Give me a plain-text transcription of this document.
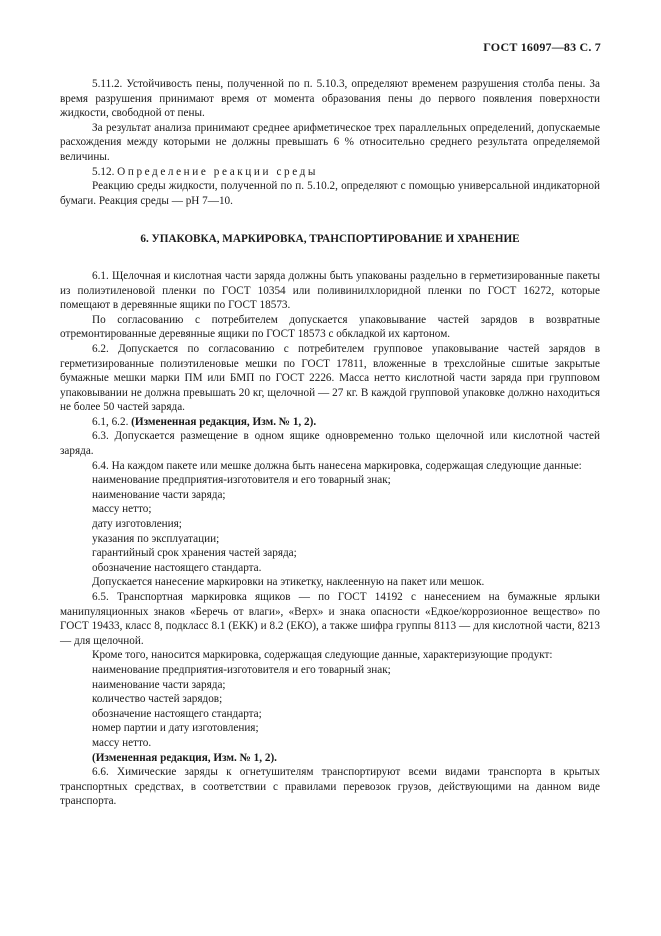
ГОСТ 16097—83 С. 7

5.11.2. Устойчивость пены, полученной по п. 5.10.3, определяют временем разрушения столба пены. За время разрушения принимают время от момента образования пены до первого появления поверхности жидкости, свободной от пены.

За результат анализа принимают среднее арифметическое трех параллельных определений, допускаемые расхождения между которыми не должны превышать 6 % относительно среднего результата определяемой величины.

5.12. Определение реакции среды

Реакцию среды жидкости, полученной по п. 5.10.2, определяют с помощью универсальной индикаторной бумаги. Реакция среды — рН 7—10.

6. УПАКОВКА, МАРКИРОВКА, ТРАНСПОРТИРОВАНИЕ И ХРАНЕНИЕ

6.1. Щелочная и кислотная части заряда должны быть упакованы раздельно в герметизированные пакеты из полиэтиленовой пленки по ГОСТ 10354 или поливинилхлоридной пленки по ГОСТ 16272, которые помещают в деревянные ящики по ГОСТ 18573.

По согласованию с потребителем допускается упаковывание частей зарядов в возвратные отремонтированные деревянные ящики по ГОСТ 18573 с обкладкой их картоном.

6.2. Допускается по согласованию с потребителем групповое упаковывание частей зарядов в герметизированные полиэтиленовые мешки по ГОСТ 17811, вложенные в трехслойные сшитые закрытые бумажные мешки марки ПМ или БМП по ГОСТ 2226. Масса нетто кислотной части заряда при групповом упаковывании не должна превышать 20 кг, щелочной — 27 кг. В каждой групповой упаковке должно находиться не более 50 частей заряда.

6.1, 6.2. (Измененная редакция, Изм. № 1, 2).

6.3. Допускается размещение в одном ящике одновременно только щелочной или кислотной частей заряда.

6.4. На каждом пакете или мешке должна быть нанесена маркировка, содержащая следующие данные:

наименование предприятия-изготовителя и его товарный знак;

наименование части заряда;

массу нетто;

дату изготовления;

указания по эксплуатации;

гарантийный срок хранения частей заряда;

обозначение настоящего стандарта.

Допускается нанесение маркировки на этикетку, наклеенную на пакет или мешок.

6.5. Транспортная маркировка ящиков — по ГОСТ 14192 с нанесением на бумажные ярлыки манипуляционных знаков «Беречь от влаги», «Верх» и знака опасности «Едкое/коррозионное вещество» по ГОСТ 19433, класс 8, подкласс 8.1 (ЕКК) и 8.2 (ЕКО), а также шифра группы 8113 — для кислотной части, 8213 — для щелочной.

Кроме того, наносится маркировка, содержащая следующие данные, характеризующие продукт:

наименование предприятия-изготовителя и его товарный знак;

наименование части заряда;

количество частей зарядов;

обозначение настоящего стандарта;

номер партии и дату изготовления;

массу нетто.

(Измененная редакция, Изм. № 1, 2).

6.6. Химические заряды к огнетушителям транспортируют всеми видами транспорта в крытых транспортных средствах, в соответствии с правилами перевозок грузов, действующими на данном виде транспорта.
